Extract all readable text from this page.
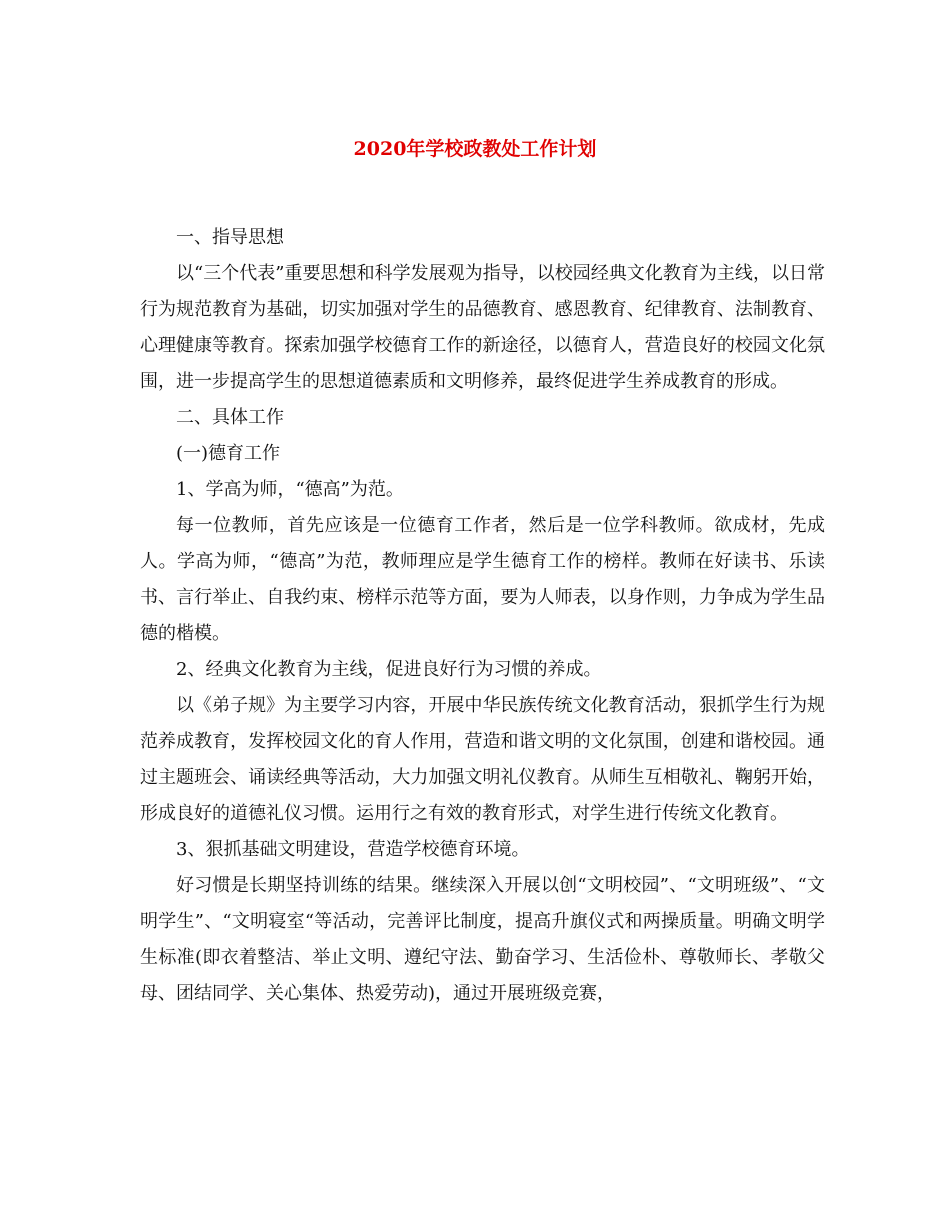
2020年学校政教处工作计划

一、指导思想

以“三个代表”重要思想和科学发展观为指导，以校园经典文化教育为主线，以日常行为规范教育为基础，切实加强对学生的品德教育、感恩教育、纪律教育、法制教育、心理健康等教育。探索加强学校德育工作的新途径，以德育人，营造良好的校园文化氛围，进一步提高学生的思想道德素质和文明修养，最终促进学生养成教育的形成。

二、具体工作

(一)德育工作

1、学高为师，“德高”为范。

每一位教师，首先应该是一位德育工作者，然后是一位学科教师。欲成材，先成人。学高为师，“德高”为范，教师理应是学生德育工作的榜样。教师在好读书、乐读书、言行举止、自我约束、榜样示范等方面，要为人师表，以身作则，力争成为学生品德的楷模。

2、经典文化教育为主线，促进良好行为习惯的养成。

以《弟子规》为主要学习内容，开展中华民族传统文化教育活动，狠抓学生行为规范养成教育，发挥校园文化的育人作用，营造和谐文明的文化氛围，创建和谐校园。通过主题班会、诵读经典等活动，大力加强文明礼仪教育。从师生互相敬礼、鞠躬开始，形成良好的道德礼仪习惯。运用行之有效的教育形式，对学生进行传统文化教育。

3、狠抓基础文明建设，营造学校德育环境。

好习惯是长期坚持训练的结果。继续深入开展以创“文明校园”、“文明班级”、“文明学生”、“文明寝室“等活动，完善评比制度，提高升旗仪式和两操质量。明确文明学生标准(即衣着整洁、举止文明、遵纪守法、勤奋学习、生活俭朴、尊敬师长、孝敬父母、团结同学、关心集体、热爱劳动)，通过开展班级竞赛，
